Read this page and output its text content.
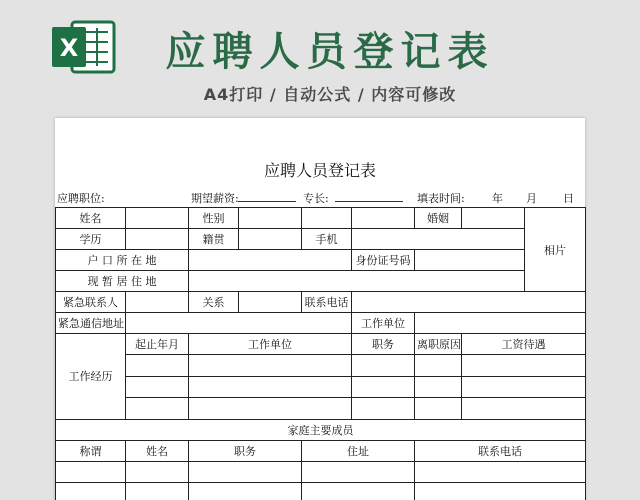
X	应聘人员登记表
A4打印 / 自动公式 / 内容可修改
应聘人员登记表
应聘职位:	期望薪资:	专长:	填表时间: 年 月 日
姓名		性别				婚姻		相片
学历		籍贯		手机				
户 口 所 在 地					身份证号码			
现 暂 居 住 地								
紧急联系人		关系		联系电话				
紧急通信地址					工作单位			
工作经历	起止年月	工作单位			职务	离职原因	工资待遇	

家庭主要成员								
称谓	姓名	职务		住址		联系电话		
